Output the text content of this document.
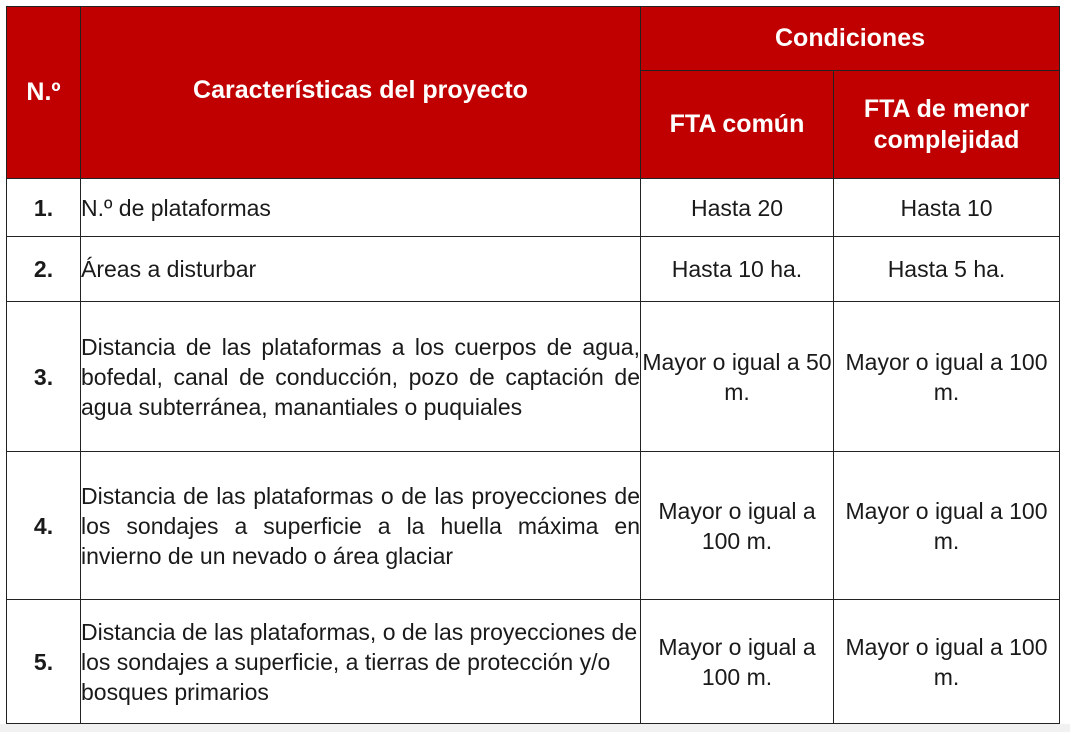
N.º	Características del proyecto	Condiciones	
		FTA común	FTA de menor complejidad
1.	N.º de plataformas	Hasta 20	Hasta 10
2.	Áreas a disturbar	Hasta 10 ha.	Hasta 5 ha.
3.	Distancia de las plataformas a los cuerpos de agua, bofedal, canal de conducción, pozo de captación de agua subterránea, manantiales o puquiales	Mayor o igual a 50 m.	Mayor o igual a 100 m.
4.	Distancia de las plataformas o de las proyecciones de los sondajes a superficie a la huella máxima en invierno de un nevado o área glaciar	Mayor o igual a 100 m.	Mayor o igual a 100 m.
5.	Distancia de las plataformas, o de las proyecciones de los sondajes a superficie, a tierras de protección y/o bosques primarios	Mayor o igual a 100 m.	Mayor o igual a 100 m.
